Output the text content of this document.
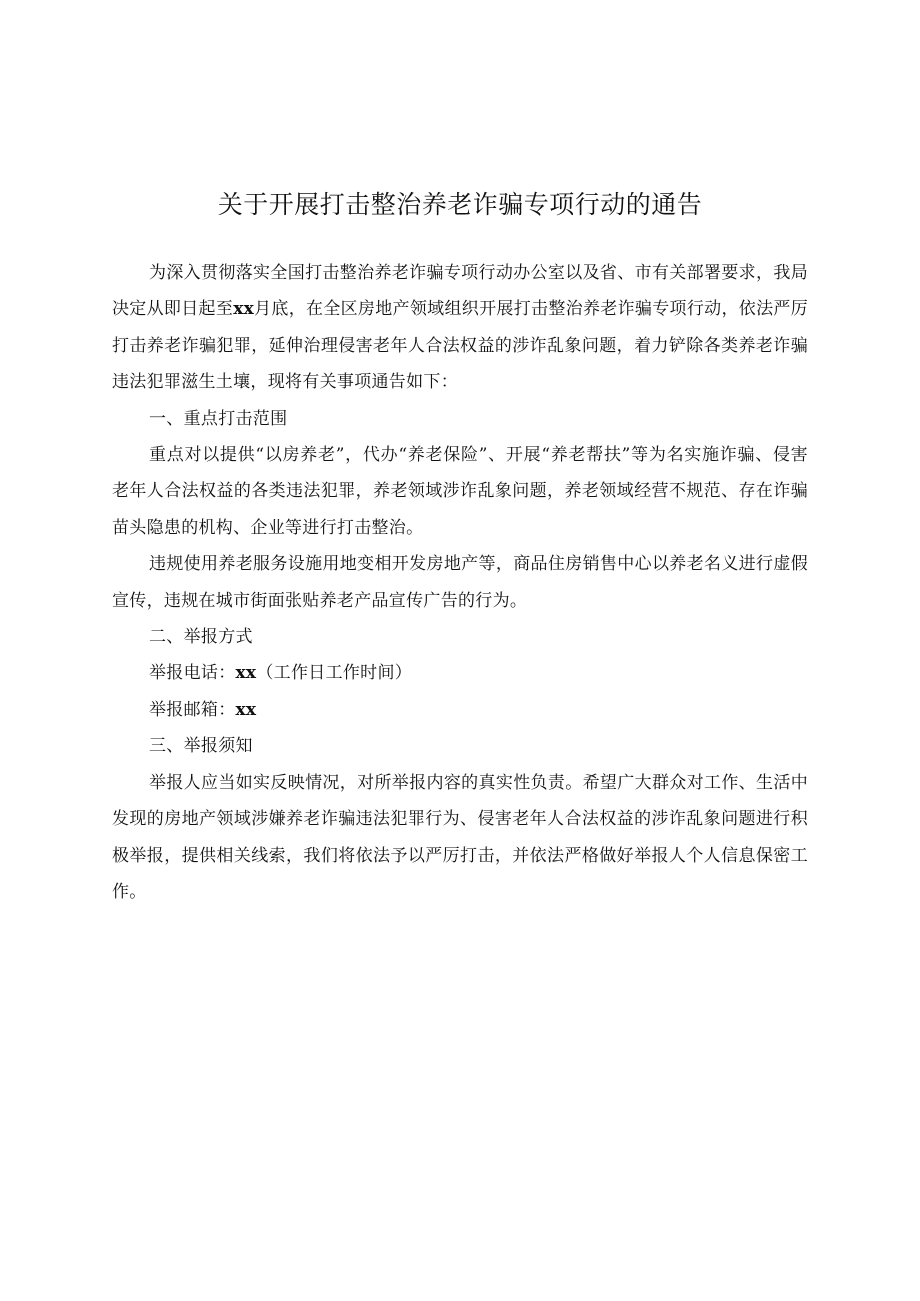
关于开展打击整治养老诈骗专项行动的通告

为深入贯彻落实全国打击整治养老诈骗专项行动办公室以及省、市有关部署要求，我局决定从即日起至xx月底，在全区房地产领域组织开展打击整治养老诈骗专项行动，依法严厉打击养老诈骗犯罪，延伸治理侵害老年人合法权益的涉诈乱象问题，着力铲除各类养老诈骗违法犯罪滋生土壤，现将有关事项通告如下：

一、重点打击范围

重点对以提供“以房养老”，代办“养老保险”、开展“养老帮扶”等为名实施诈骗、侵害老年人合法权益的各类违法犯罪，养老领域涉诈乱象问题，养老领域经营不规范、存在诈骗苗头隐患的机构、企业等进行打击整治。

违规使用养老服务设施用地变相开发房地产等，商品住房销售中心以养老名义进行虚假宣传，违规在城市街面张贴养老产品宣传广告的行为。

二、举报方式

举报电话：xx（工作日工作时间）

举报邮箱：xx

三、举报须知

举报人应当如实反映情况，对所举报内容的真实性负责。希望广大群众对工作、生活中发现的房地产领域涉嫌养老诈骗违法犯罪行为、侵害老年人合法权益的涉诈乱象问题进行积极举报，提供相关线索，我们将依法予以严厉打击，并依法严格做好举报人个人信息保密工作。
